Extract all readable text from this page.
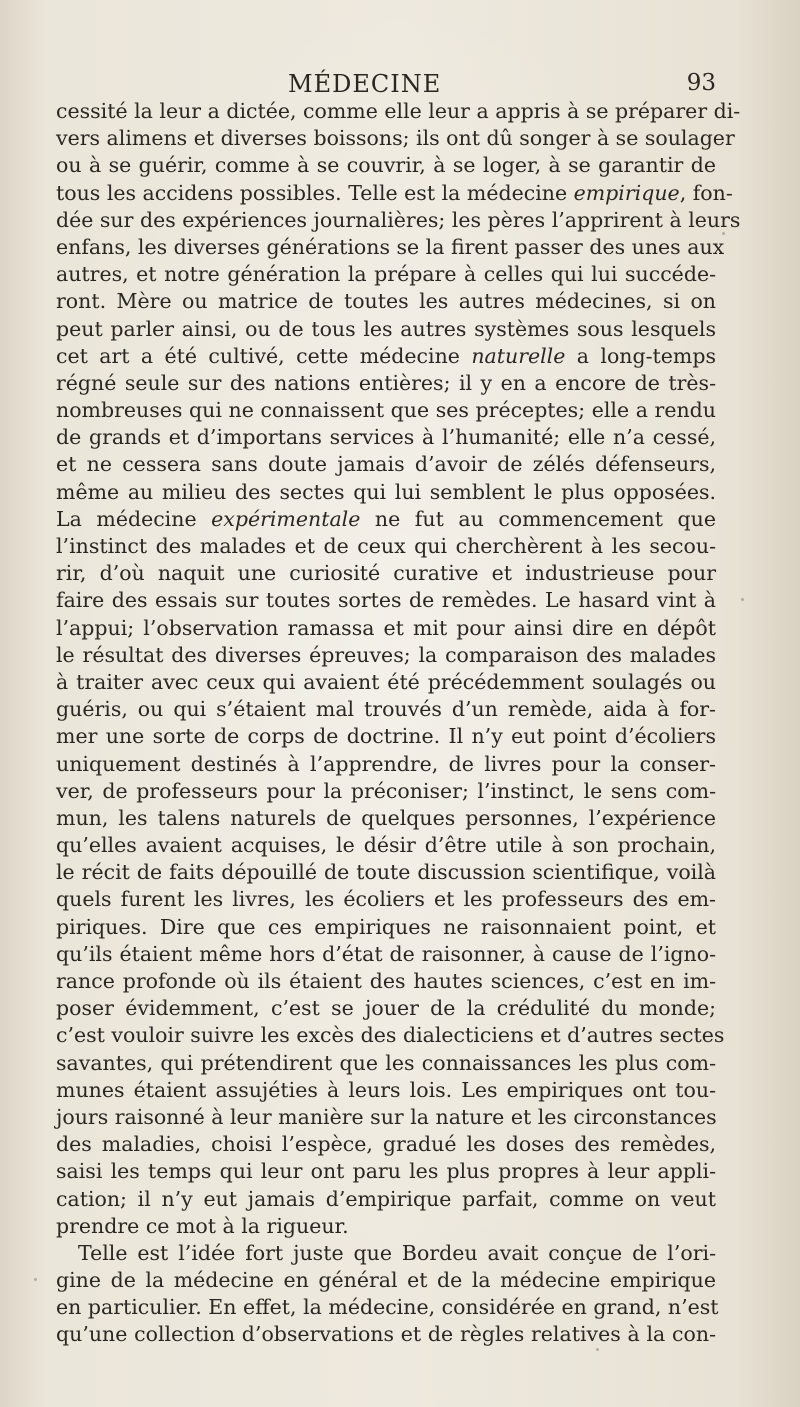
MÉDECINE	93
cessité la leur a dictée, comme elle leur a appris à se préparer di-
vers alimens et diverses boissons; ils ont dû songer à se soulager
ou à se guérir, comme à se couvrir, à se loger, à se garantir de
tous les accidens possibles. Telle est la médecine empirique, fon-
dée sur des expériences journalières; les pères l’apprirent à leurs
enfans, les diverses générations se la firent passer des unes aux
autres, et notre génération la prépare à celles qui lui succéde-
ront. Mère ou matrice de toutes les autres médecines, si on
peut parler ainsi, ou de tous les autres systèmes sous lesquels
cet art a été cultivé, cette médecine naturelle a long-temps
régné seule sur des nations entières; il y en a encore de très-
nombreuses qui ne connaissent que ses préceptes; elle a rendu
de grands et d’importans services à l’humanité; elle n’a cessé,
et ne cessera sans doute jamais d’avoir de zélés défenseurs,
même au milieu des sectes qui lui semblent le plus opposées.
La médecine expérimentale ne fut au commencement que
l’instinct des malades et de ceux qui cherchèrent à les secou-
rir, d’où naquit une curiosité curative et industrieuse pour
faire des essais sur toutes sortes de remèdes. Le hasard vint à
l’appui; l’observation ramassa et mit pour ainsi dire en dépôt
le résultat des diverses épreuves; la comparaison des malades
à traiter avec ceux qui avaient été précédemment soulagés ou
guéris, ou qui s’étaient mal trouvés d’un remède, aida à for-
mer une sorte de corps de doctrine. Il n’y eut point d’écoliers
uniquement destinés à l’apprendre, de livres pour la conser-
ver, de professeurs pour la préconiser; l’instinct, le sens com-
mun, les talens naturels de quelques personnes, l’expérience
qu’elles avaient acquises, le désir d’être utile à son prochain,
le récit de faits dépouillé de toute discussion scientifique, voilà
quels furent les livres, les écoliers et les professeurs des em-
piriques. Dire que ces empiriques ne raisonnaient point, et
qu’ils étaient même hors d’état de raisonner, à cause de l’igno-
rance profonde où ils étaient des hautes sciences, c’est en im-
poser évidemment, c’est se jouer de la crédulité du monde;
c’est vouloir suivre les excès des dialecticiens et d’autres sectes
savantes, qui prétendirent que les connaissances les plus com-
munes étaient assujéties à leurs lois. Les empiriques ont tou-
jours raisonné à leur manière sur la nature et les circonstances
des maladies, choisi l’espèce, gradué les doses des remèdes,
saisi les temps qui leur ont paru les plus propres à leur appli-
cation; il n’y eut jamais d’empirique parfait, comme on veut
prendre ce mot à la rigueur.
Telle est l’idée fort juste que Bordeu avait conçue de l’ori-
gine de la médecine en général et de la médecine empirique
en particulier. En effet, la médecine, considérée en grand, n’est
qu’une collection d’observations et de règles relatives à la con-
